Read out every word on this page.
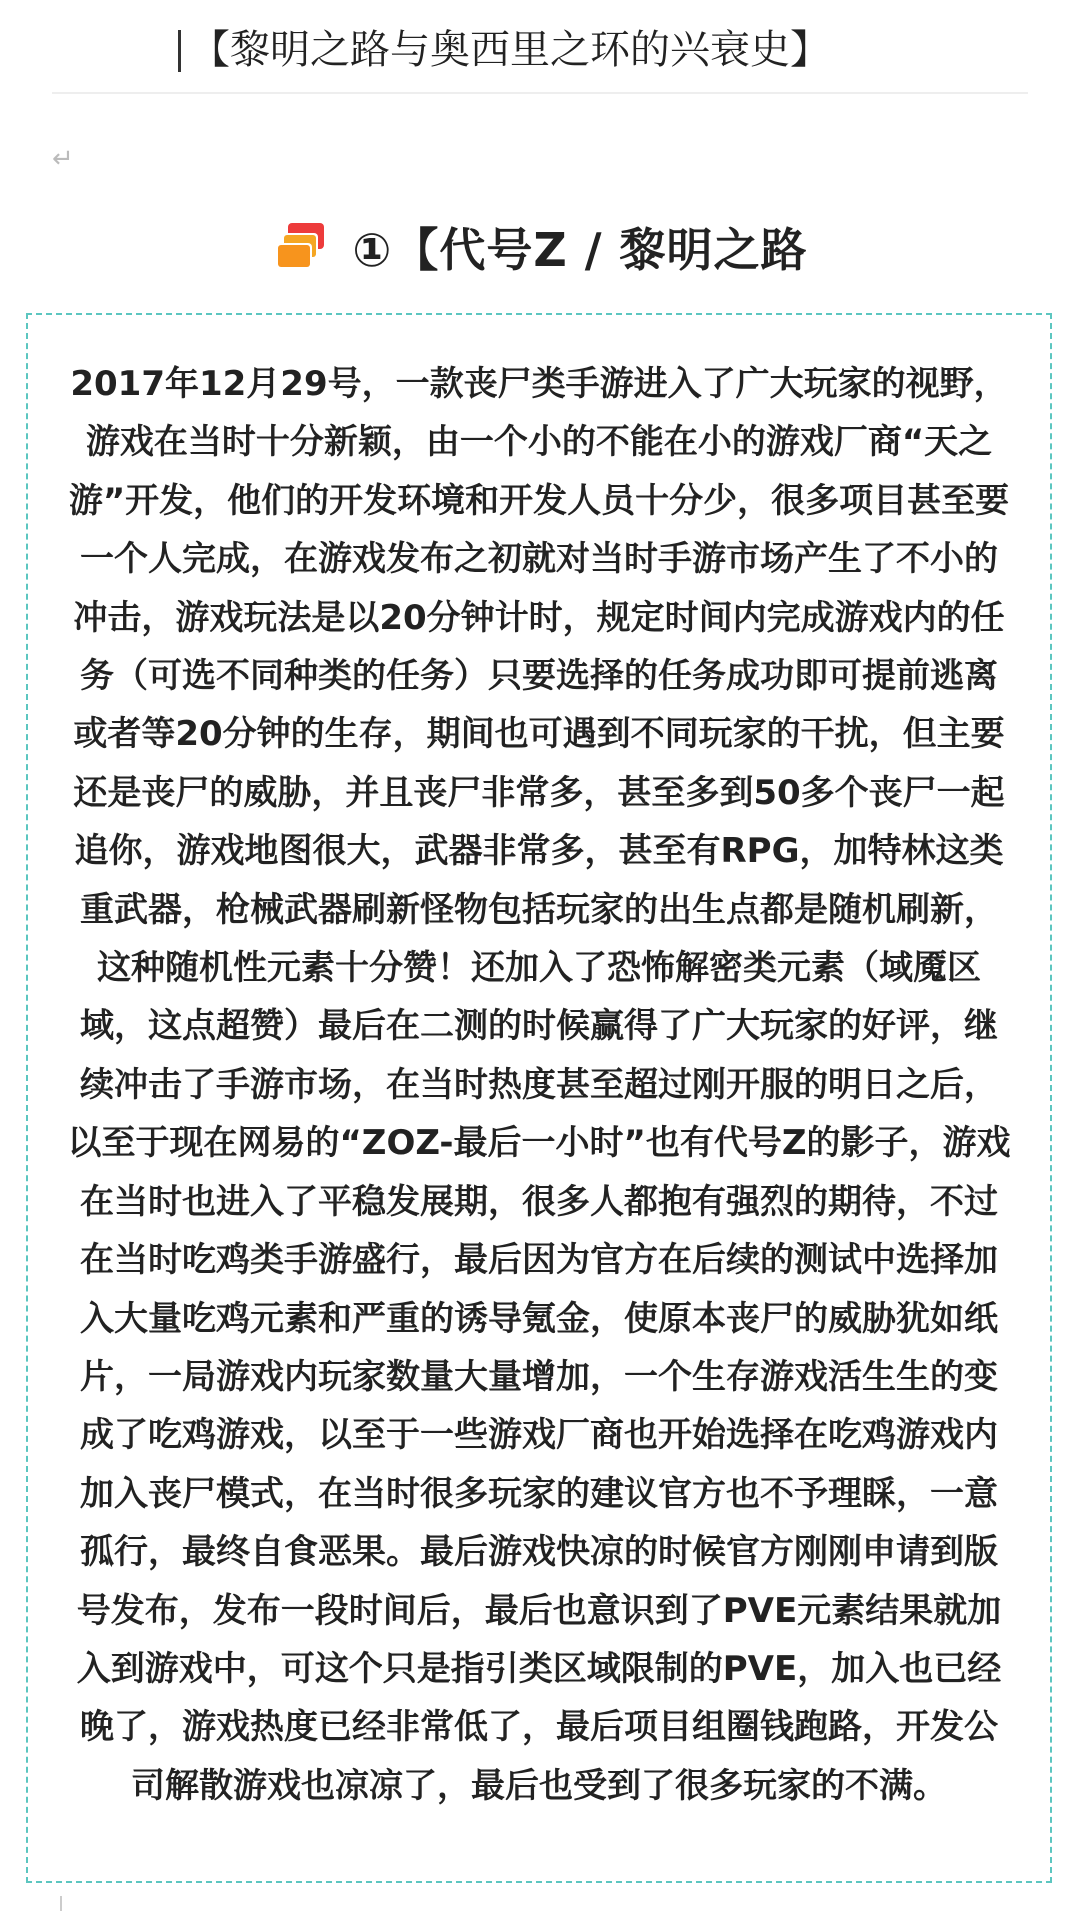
【黎明之路与奥西里之环的兴衰史】
↵
①【代号Z / 黎明之路

2017年12月29号，一款丧尸类手游进入了广大玩家的视野，游戏在当时十分新颖，由一个小的不能在小的游戏厂商“天之游”开发，他们的开发环境和开发人员十分少，很多项目甚至要一个人完成，在游戏发布之初就对当时手游市场产生了不小的冲击，游戏玩法是以20分钟计时，规定时间内完成游戏内的任务（可选不同种类的任务）只要选择的任务成功即可提前逃离或者等20分钟的生存，期间也可遇到不同玩家的干扰，但主要还是丧尸的威胁，并且丧尸非常多，甚至多到50多个丧尸一起追你，游戏地图很大，武器非常多，甚至有RPG，加特林这类重武器，枪械武器刷新怪物包括玩家的出生点都是随机刷新，这种随机性元素十分赞！还加入了恐怖解密类元素（域魇区域，这点超赞）最后在二测的时候赢得了广大玩家的好评，继续冲击了手游市场，在当时热度甚至超过刚开服的明日之后，以至于现在网易的“ZOZ-最后一小时”也有代号Z的影子，游戏在当时也进入了平稳发展期，很多人都抱有强烈的期待，不过在当时吃鸡类手游盛行，最后因为官方在后续的测试中选择加入大量吃鸡元素和严重的诱导氪金，使原本丧尸的威胁犹如纸片，一局游戏内玩家数量大量增加，一个生存游戏活生生的变成了吃鸡游戏，以至于一些游戏厂商也开始选择在吃鸡游戏内加入丧尸模式，在当时很多玩家的建议官方也不予理睬，一意孤行，最终自食恶果。最后游戏快凉的时候官方刚刚申请到版号发布，发布一段时间后，最后也意识到了PVE元素结果就加入到游戏中，可这个只是指引类区域限制的PVE，加入也已经晚了，游戏热度已经非常低了，最后项目组圈钱跑路，开发公司解散游戏也凉凉了，最后也受到了很多玩家的不满。
